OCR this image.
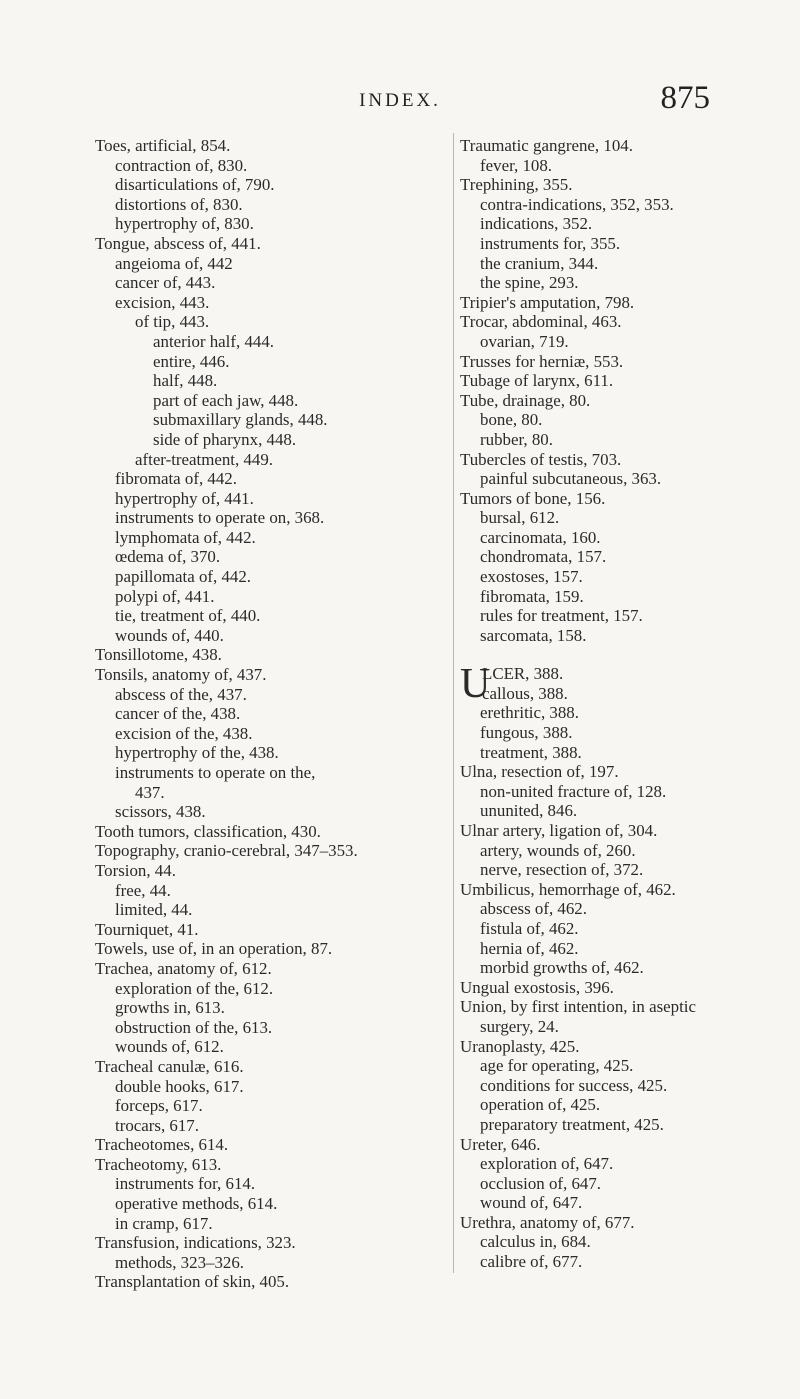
INDEX.	875
Toes, artificial, 854.
contraction of, 830.
disarticulations of, 790.
distortions of, 830.
hypertrophy of, 830.
Tongue, abscess of, 441.
angeioma of, 442
cancer of, 443.
excision, 443.
of tip, 443.
anterior half, 444.
entire, 446.
half, 448.
part of each jaw, 448.
submaxillary glands, 448.
side of pharynx, 448.
after-treatment, 449.
fibromata of, 442.
hypertrophy of, 441.
instruments to operate on, 368.
lymphomata of, 442.
œdema of, 370.
papillomata of, 442.
polypi of, 441.
tie, treatment of, 440.
wounds of, 440.
Tonsillotome, 438.
Tonsils, anatomy of, 437.
abscess of the, 437.
cancer of the, 438.
excision of the, 438.
hypertrophy of the, 438.
instruments to operate on the,
437.
scissors, 438.
Tooth tumors, classification, 430.
Topography, cranio-cerebral, 347–353.
Torsion, 44.
free, 44.
limited, 44.
Tourniquet, 41.
Towels, use of, in an operation, 87.
Trachea, anatomy of, 612.
exploration of the, 612.
growths in, 613.
obstruction of the, 613.
wounds of, 612.
Tracheal canulæ, 616.
double hooks, 617.
forceps, 617.
trocars, 617.
Tracheotomes, 614.
Tracheotomy, 613.
instruments for, 614.
operative methods, 614.
in cramp, 617.
Transfusion, indications, 323.
methods, 323–326.
Transplantation of skin, 405.
Traumatic gangrene, 104.
fever, 108.
Trephining, 355.
contra-indications, 352, 353.
indications, 352.
instruments for, 355.
the cranium, 344.
the spine, 293.
Tripier's amputation, 798.
Trocar, abdominal, 463.
ovarian, 719.
Trusses for herniæ, 553.
Tubage of larynx, 611.
Tube, drainage, 80.
bone, 80.
rubber, 80.
Tubercles of testis, 703.
painful subcutaneous, 363.
Tumors of bone, 156.
bursal, 612.
carcinomata, 160.
chondromata, 157.
exostoses, 157.
fibromata, 159.
rules for treatment, 157.
sarcomata, 158.
U
LCER, 388.
callous, 388.
erethritic, 388.
fungous, 388.
treatment, 388.
Ulna, resection of, 197.
non-united fracture of, 128.
ununited, 846.
Ulnar artery, ligation of, 304.
artery, wounds of, 260.
nerve, resection of, 372.
Umbilicus, hemorrhage of, 462.
abscess of, 462.
fistula of, 462.
hernia of, 462.
morbid growths of, 462.
Ungual exostosis, 396.
Union, by first intention, in aseptic
surgery, 24.
Uranoplasty, 425.
age for operating, 425.
conditions for success, 425.
operation of, 425.
preparatory treatment, 425.
Ureter, 646.
exploration of, 647.
occlusion of, 647.
wound of, 647.
Urethra, anatomy of, 677.
calculus in, 684.
calibre of, 677.
